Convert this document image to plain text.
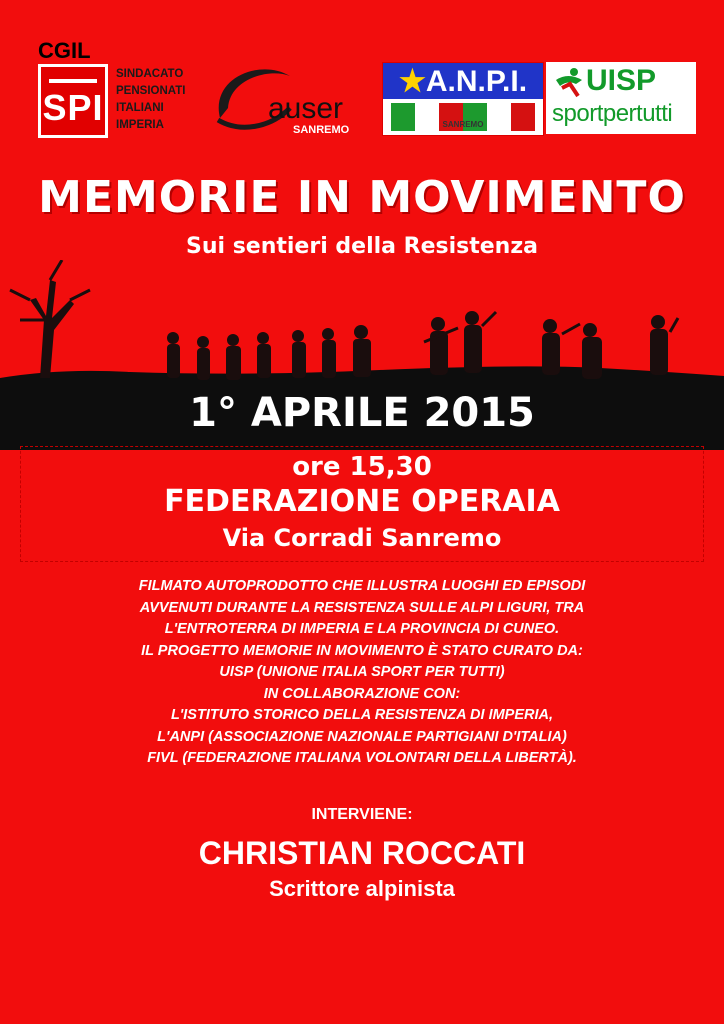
CGIL
SPI
SINDACATO
PENSIONATI
ITALIANI
IMPERIA	auser
SANREMO
★A.N.P.I.
SANREMO
UISP
sportpertutti
MEMORIE IN MOVIMENTO
Sui sentieri della Resistenza
1° APRILE 2015
ore 15,30
FEDERAZIONE OPERAIA
Via Corradi Sanremo
FILMATO AUTOPRODOTTO CHE ILLUSTRA LUOGHI ED EPISODI
AVVENUTI DURANTE LA RESISTENZA SULLE ALPI LIGURI, TRA
L'ENTROTERRA DI IMPERIA E LA PROVINCIA DI CUNEO.
IL PROGETTO MEMORIE IN MOVIMENTO È STATO CURATO DA:
UISP (UNIONE ITALIA SPORT PER TUTTI)
IN COLLABORAZIONE CON:
L'ISTITUTO STORICO DELLA RESISTENZA DI IMPERIA,
L'ANPI (ASSOCIAZIONE NAZIONALE PARTIGIANI D'ITALIA)
FIVL (FEDERAZIONE ITALIANA VOLONTARI DELLA LIBERTÀ).
INTERVIENE:
CHRISTIAN ROCCATI
Scrittore alpinista
